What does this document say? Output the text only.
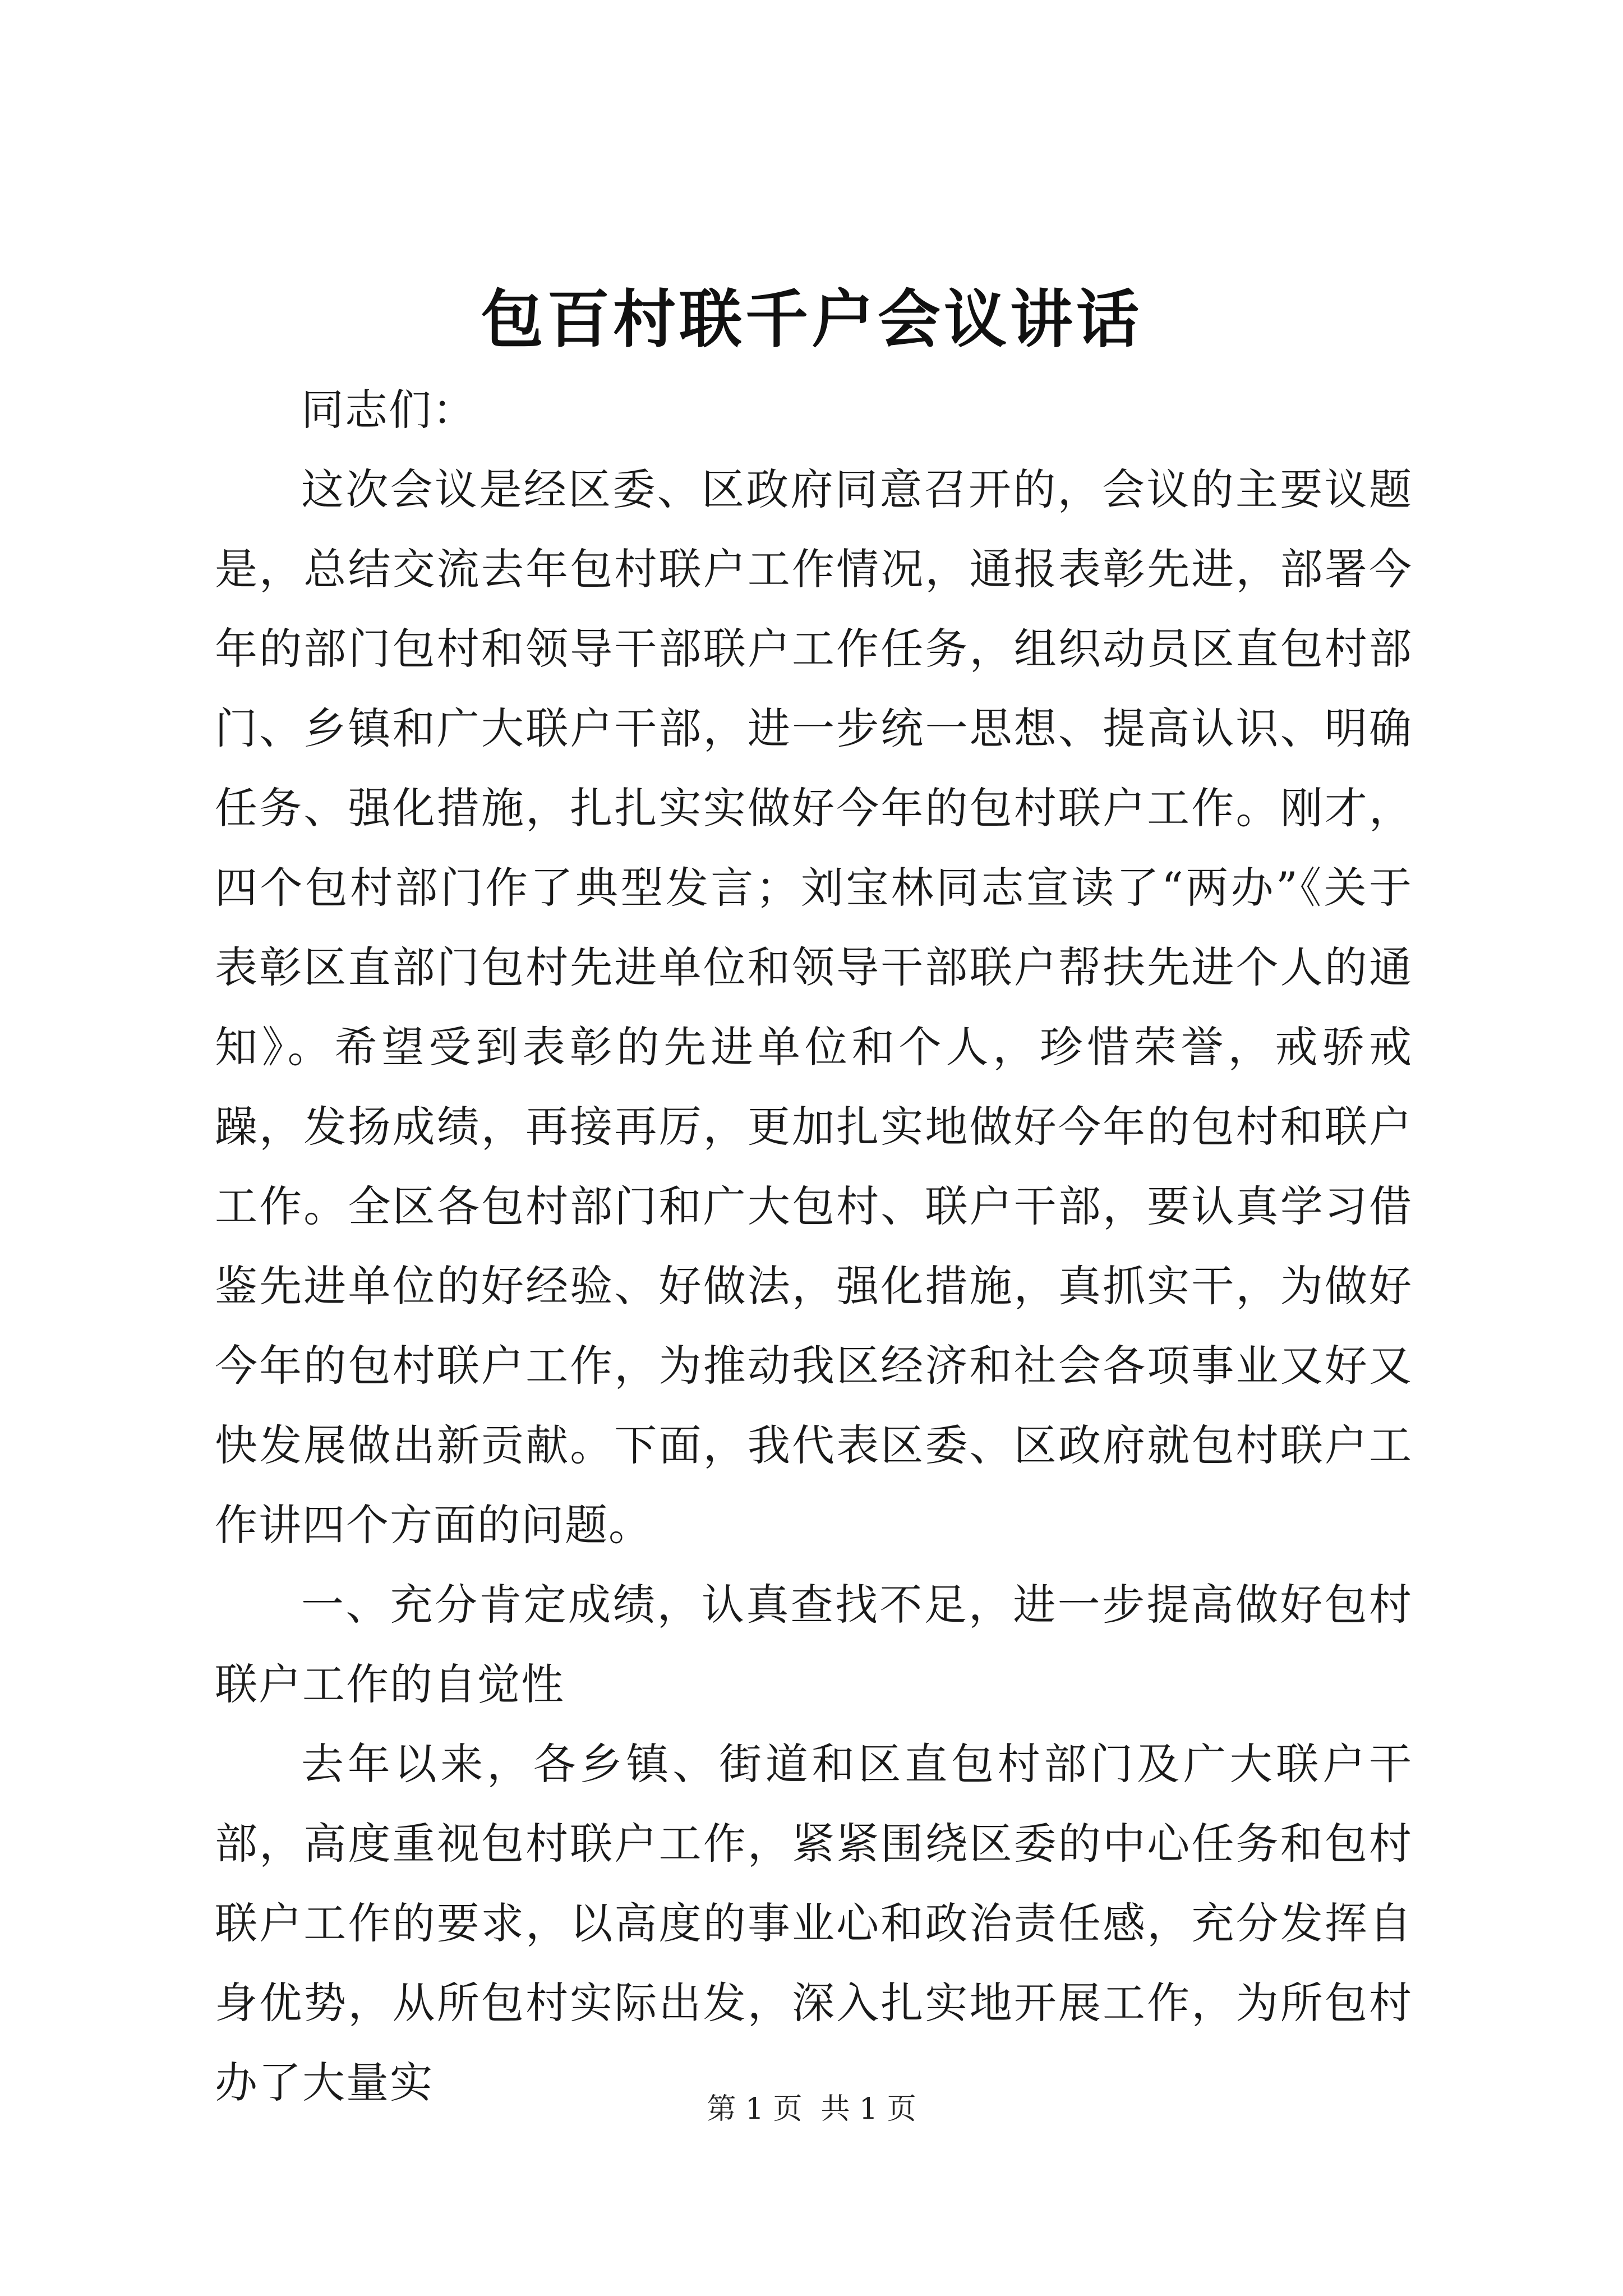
包百村联千户会议讲话

同志们：

这次会议是经区委、区政府同意召开的，会议的主要议题是，总结交流去年包村联户工作情况，通报表彰先进，部署今年的部门包村和领导干部联户工作任务，组织动员区直包村部门、乡镇和广大联户干部，进一步统一思想、提高认识、明确任务、强化措施，扎扎实实做好今年的包村联户工作。刚才，四个包村部门作了典型发言；刘宝林同志宣读了“两办”《关于表彰区直部门包村先进单位和领导干部联户帮扶先进个人的通知》。希望受到表彰的先进单位和个人，珍惜荣誉，戒骄戒躁，发扬成绩，再接再厉，更加扎实地做好今年的包村和联户工作。全区各包村部门和广大包村、联户干部，要认真学习借鉴先进单位的好经验、好做法，强化措施，真抓实干，为做好今年的包村联户工作，为推动我区经济和社会各项事业又好又快发展做出新贡献。下面，我代表区委、区政府就包村联户工作讲四个方面的问题。

一、充分肯定成绩，认真查找不足，进一步提高做好包村联户工作的自觉性

去年以来，各乡镇、街道和区直包村部门及广大联户干部，高度重视包村联户工作，紧紧围绕区委的中心任务和包村联户工作的要求，以高度的事业心和政治责任感，充分发挥自身优势，从所包村实际出发，深入扎实地开展工作，为所包村办了大量实

第 1 页  共 1 页
